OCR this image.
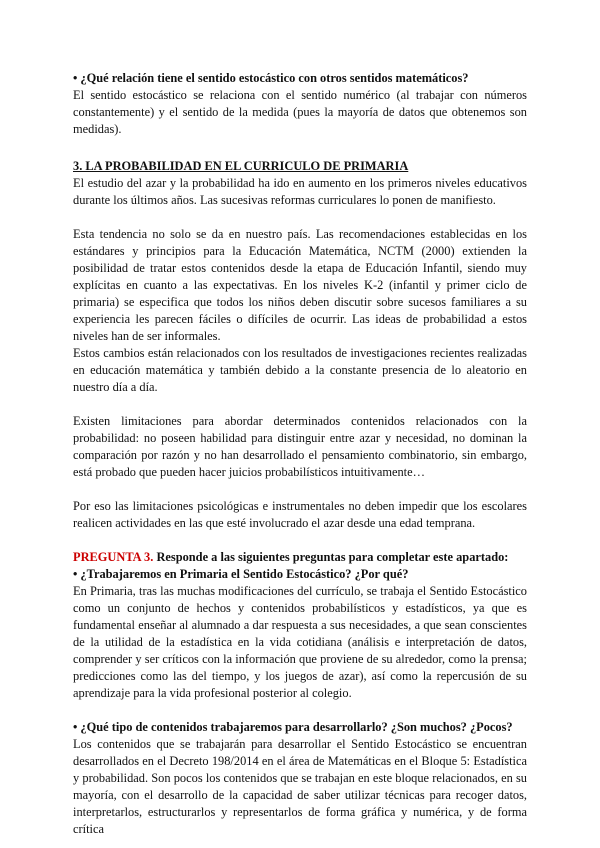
• ¿Qué relación tiene el sentido estocástico con otros sentidos matemáticos?

El sentido estocástico se relaciona con el sentido numérico (al trabajar con números constantemente) y el sentido de la medida (pues la mayoría de datos que obtenemos son medidas).

3. LA PROBABILIDAD EN EL CURRICULO DE PRIMARIA

El estudio del azar y la probabilidad ha ido en aumento en los primeros niveles educativos durante los últimos años. Las sucesivas reformas curriculares lo ponen de manifiesto.

Esta tendencia no solo se da en nuestro país. Las recomendaciones establecidas en los estándares y principios para la Educación Matemática, NCTM (2000) extienden la posibilidad de tratar estos contenidos desde la etapa de Educación Infantil, siendo muy explícitas en cuanto a las expectativas. En los niveles K-2 (infantil y primer ciclo de primaria) se especifica que todos los niños deben discutir sobre sucesos familiares a su experiencia les parecen fáciles o difíciles de ocurrir. Las ideas de probabilidad a estos niveles han de ser informales.

Estos cambios están relacionados con los resultados de investigaciones recientes realizadas en educación matemática y también debido a la constante presencia de lo aleatorio en nuestro día a día.

Existen limitaciones para abordar determinados contenidos relacionados con la probabilidad: no poseen habilidad para distinguir entre azar y necesidad, no dominan la comparación por razón y no han desarrollado el pensamiento combinatorio, sin embargo, está probado que pueden hacer juicios probabilísticos intuitivamente…

Por eso las limitaciones psicológicas e instrumentales no deben impedir que los escolares realicen actividades en las que esté involucrado el azar desde una edad temprana.

PREGUNTA 3. Responde a las siguientes preguntas para completar este apartado:

• ¿Trabajaremos en Primaria el Sentido Estocástico? ¿Por qué?

En Primaria, tras las muchas modificaciones del currículo, se trabaja el Sentido Estocástico como un conjunto de hechos y contenidos probabilísticos y estadísticos, ya que es fundamental enseñar al alumnado a dar respuesta a sus necesidades, a que sean conscientes de la utilidad de la estadística en la vida cotidiana (análisis e interpretación de datos, comprender y ser críticos con la información que proviene de su alrededor, como la prensa; predicciones como las del tiempo, y los juegos de azar), así como la repercusión de su aprendizaje para la vida profesional posterior al colegio.

• ¿Qué tipo de contenidos trabajaremos para desarrollarlo? ¿Son muchos? ¿Pocos?

Los contenidos que se trabajarán para desarrollar el Sentido Estocástico se encuentran desarrollados en el Decreto 198/2014 en el área de Matemáticas en el Bloque 5: Estadística y probabilidad. Son pocos los contenidos que se trabajan en este bloque relacionados, en su mayoría, con el desarrollo de la capacidad de saber utilizar técnicas para recoger datos, interpretarlos, estructurarlos y representarlos de forma gráfica y numérica, y de forma crítica
